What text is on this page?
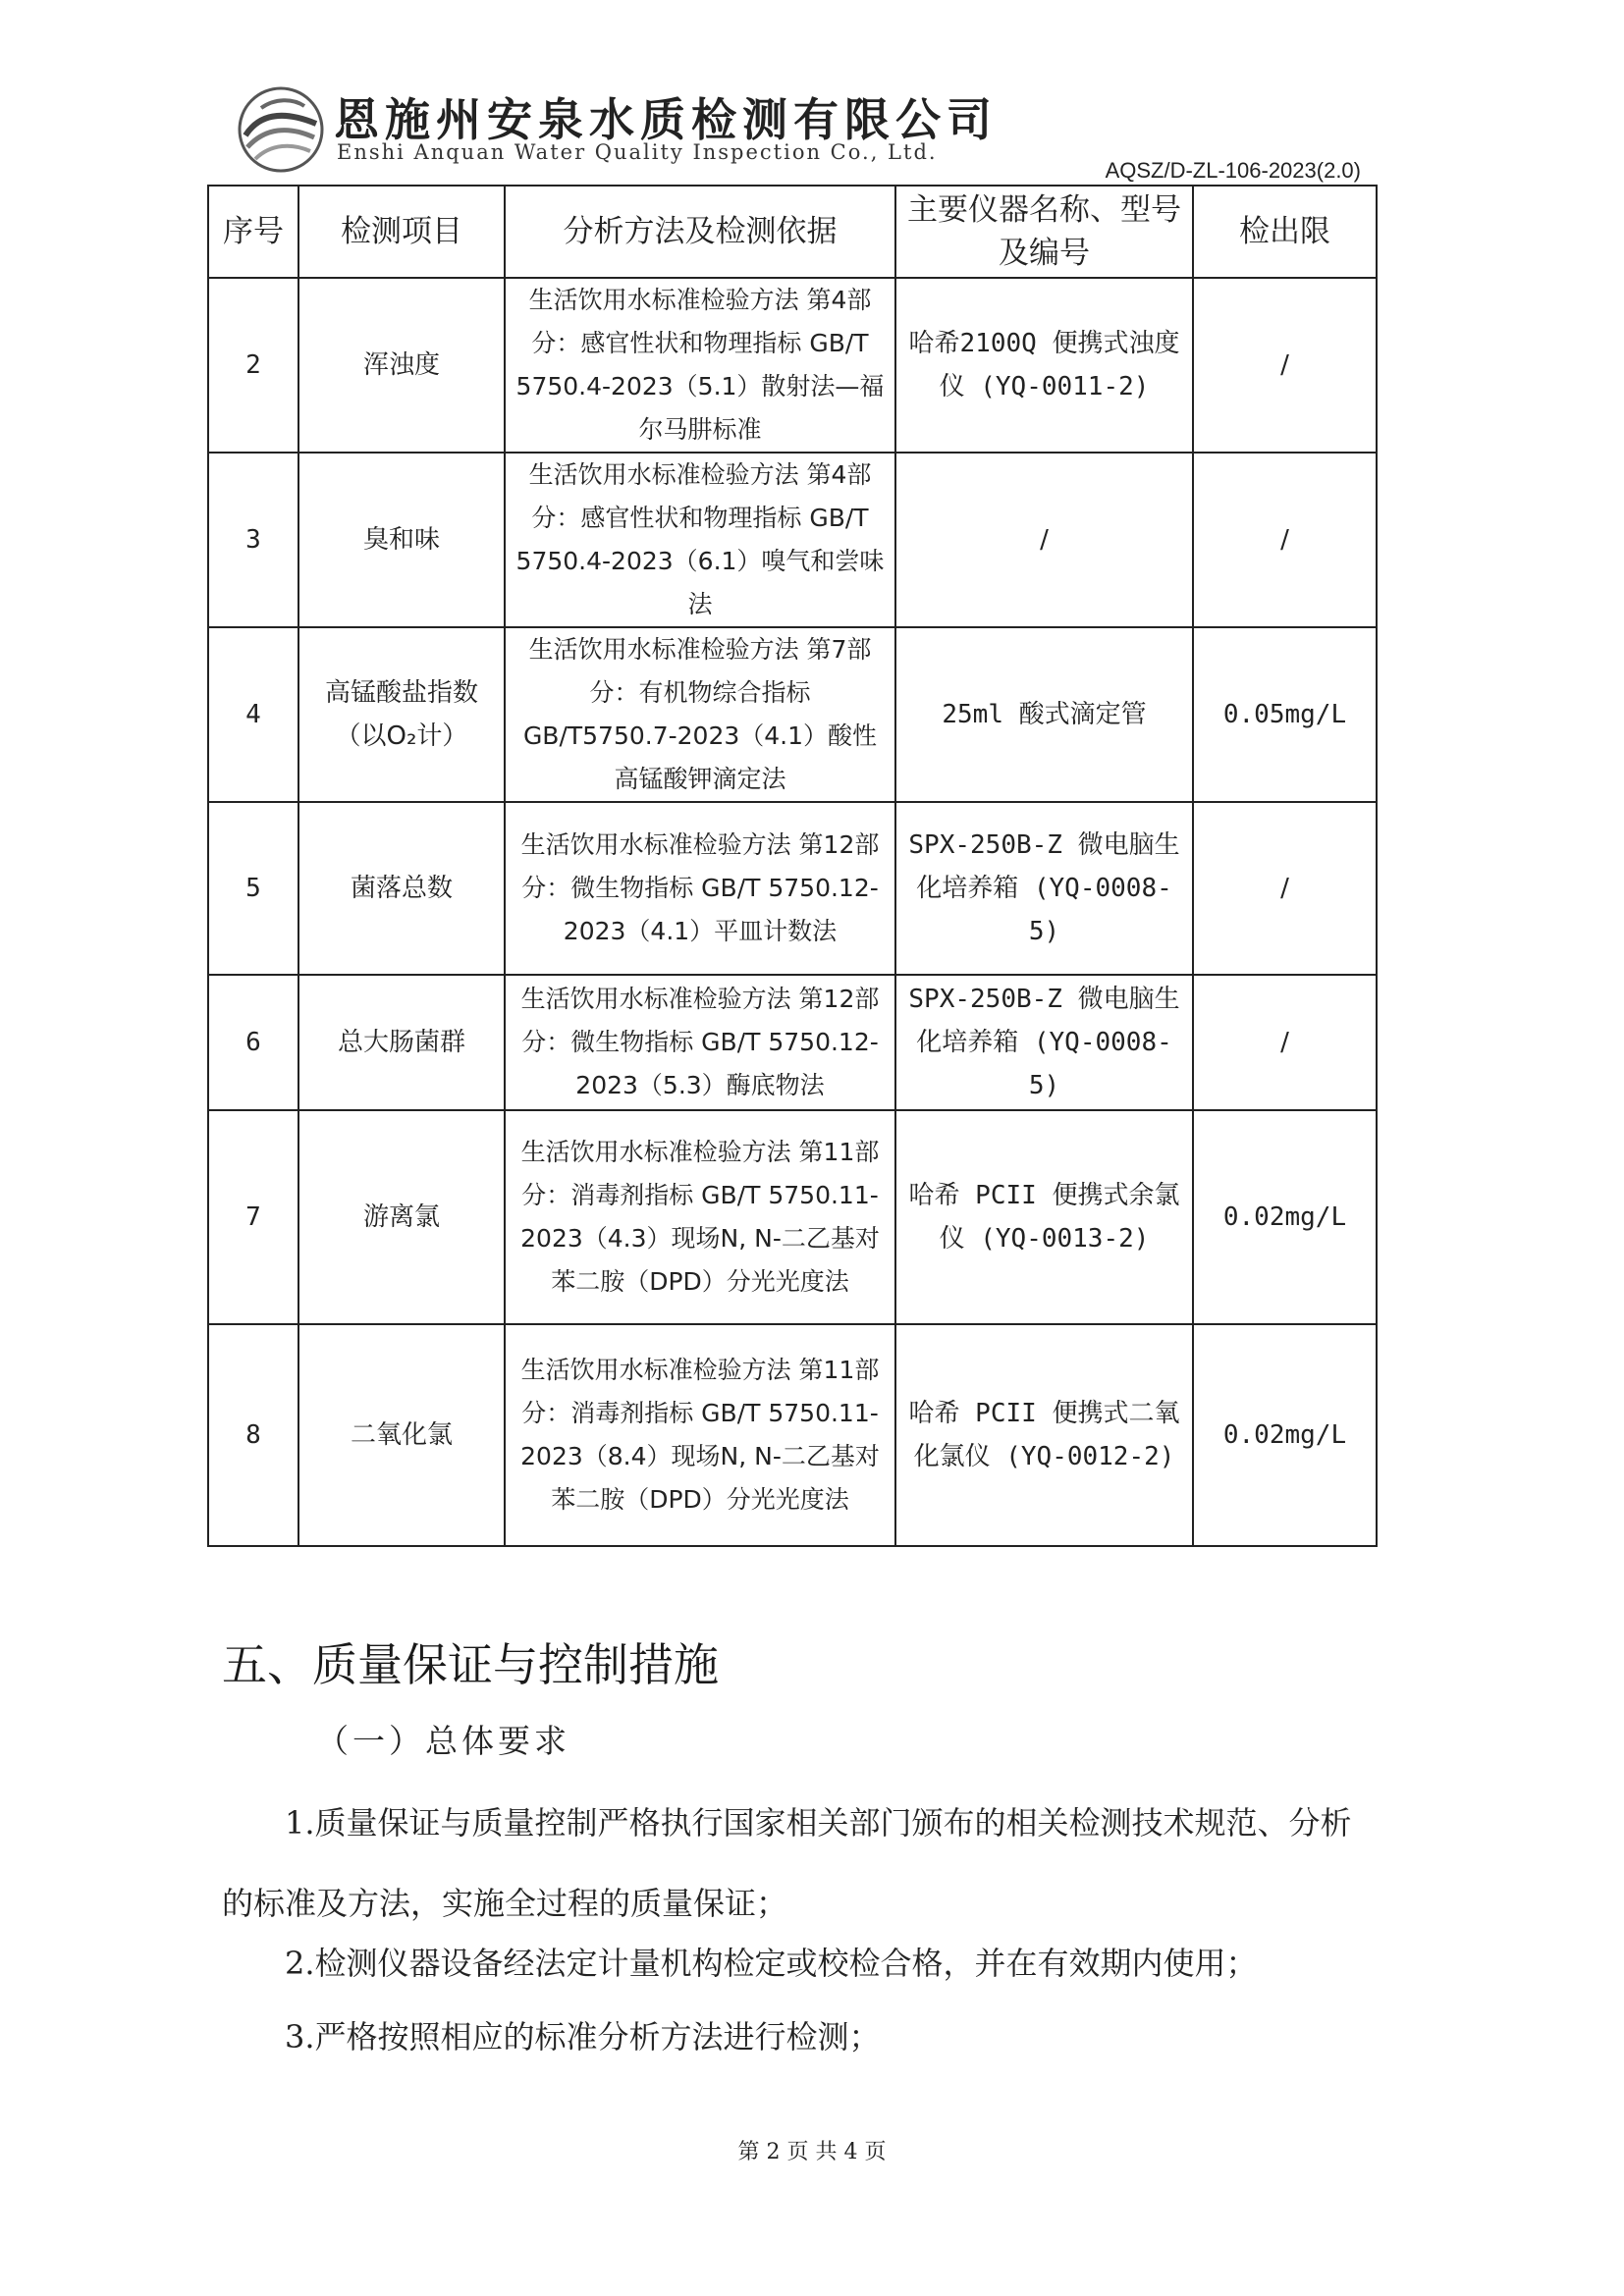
恩施州安泉水质检测有限公司
Enshi Anquan Water Quality Inspection Co., Ltd.
AQSZ/D-ZL-106-2023(2.0)
序号	检测项目	分析方法及检测依据	主要仪器名称、型号及编号	检出限
2	浑浊度	生活饮用水标准检验方法 第4部分：感官性状和物理指标 GB/T 5750.4-2023（5.1）散射法—福尔马肼标准	哈希2100Q 便携式浊度仪 (YQ-0011-2)	/
3	臭和味	生活饮用水标准检验方法 第4部分：感官性状和物理指标 GB/T 5750.4-2023（6.1）嗅气和尝味法	/	/
4	高锰酸盐指数（以O₂计）	生活饮用水标准检验方法 第7部分：有机物综合指标 GB/T5750.7-2023（4.1）酸性高锰酸钾滴定法	25ml 酸式滴定管	0.05mg/L
5	菌落总数	生活饮用水标准检验方法 第12部分：微生物指标 GB/T 5750.12-2023（4.1）平皿计数法	SPX-250B-Z 微电脑生化培养箱 (YQ-0008-5)	/
6	总大肠菌群	生活饮用水标准检验方法 第12部分：微生物指标 GB/T 5750.12-2023（5.3）酶底物法	SPX-250B-Z 微电脑生化培养箱 (YQ-0008-5)	/
7	游离氯	生活饮用水标准检验方法 第11部分：消毒剂指标 GB/T 5750.11-2023（4.3）现场N, N-二乙基对苯二胺（DPD）分光光度法	哈希 PCII 便携式余氯仪 (YQ-0013-2)	0.02mg/L
8	二氧化氯	生活饮用水标准检验方法 第11部分：消毒剂指标 GB/T 5750.11-2023（8.4）现场N, N-二乙基对苯二胺（DPD）分光光度法	哈希 PCII 便携式二氧化氯仪 (YQ-0012-2)	0.02mg/L
五、质量保证与控制措施
（一）总体要求

1.质量保证与质量控制严格执行国家相关部门颁布的相关检测技术规范、分析的标准及方法，实施全过程的质量保证；

2.检测仪器设备经法定计量机构检定或校检合格，并在有效期内使用；

3.严格按照相应的标准分析方法进行检测；

第 2 页 共 4 页
